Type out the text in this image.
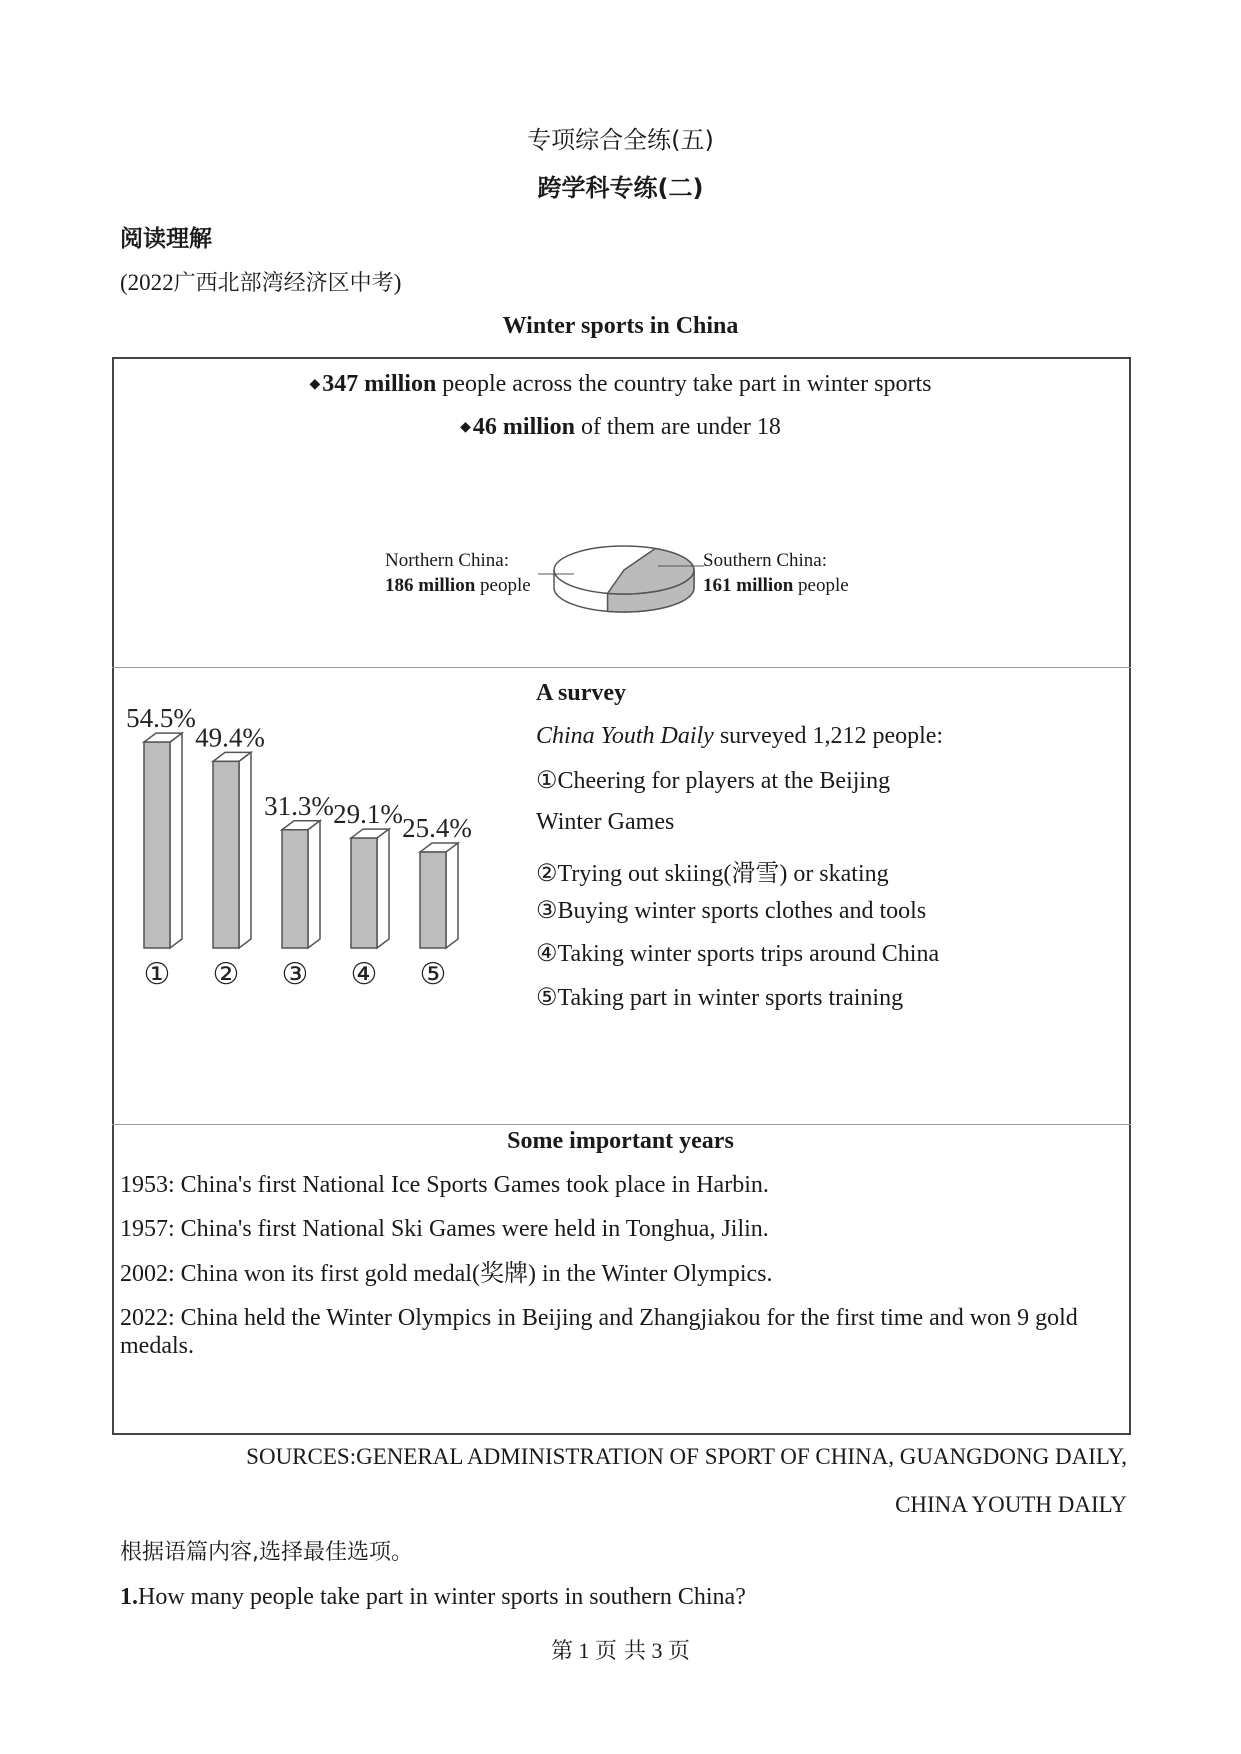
专项综合全练(五)
跨学科专练(二)
阅读理解
(2022广西北部湾经济区中考)
Winter sports in China
◆347 million people across the country take part in winter sports
◆46 million of them are under 18
Northern China:
186 million people
Southern China:
161 million people
54.5%
①
49.4%
②
31.3%
③
29.1%
④
25.4%
⑤
A survey
China Youth Daily surveyed 1,212 people:
①Cheering for players at the Beijing
Winter Games
②Trying out skiing(滑雪) or skating
③Buying winter sports clothes and tools
④Taking winter sports trips around China
⑤Taking part in winter sports training
Some important years
1953: China's first National Ice Sports Games took place in Harbin.
1957: China's first National Ski Games were held in Tonghua, Jilin.
2002: China won its first gold medal(奖牌) in the Winter Olympics.
2022: China held the Winter Olympics in Beijing and Zhangjiakou for the first time and won 9 gold medals.
SOURCES:GENERAL ADMINISTRATION OF SPORT OF CHINA, GUANGDONG DAILY,
CHINA YOUTH DAILY
根据语篇内容,选择最佳选项。
1.How many people take part in winter sports in southern China?
第 1 页 共 3 页
